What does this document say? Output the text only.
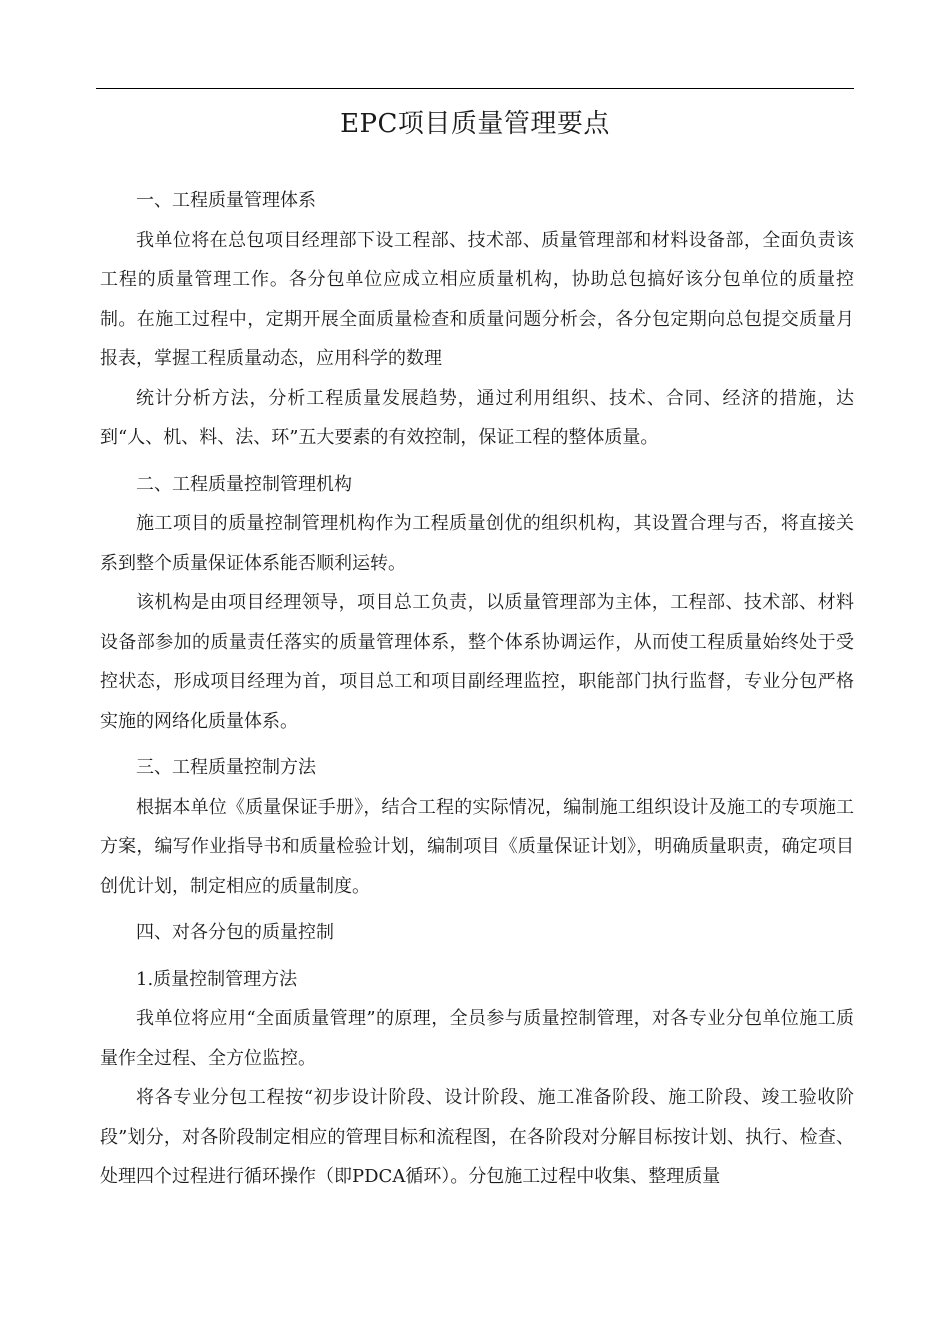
EPC项目质量管理要点

一、工程质量管理体系

我单位将在总包项目经理部下设工程部、技术部、质量管理部和材料设备部，全面负责该工程的质量管理工作。各分包单位应成立相应质量机构，协助总包搞好该分包单位的质量控制。在施工过程中，定期开展全面质量检查和质量问题分析会，各分包定期向总包提交质量月报表，掌握工程质量动态，应用科学的数理

统计分析方法，分析工程质量发展趋势，通过利用组织、技术、合同、经济的措施，达到“人、机、料、法、环”五大要素的有效控制，保证工程的整体质量。

二、工程质量控制管理机构

施工项目的质量控制管理机构作为工程质量创优的组织机构，其设置合理与否，将直接关系到整个质量保证体系能否顺利运转。

该机构是由项目经理领导，项目总工负责，以质量管理部为主体，工程部、技术部、材料设备部参加的质量责任落实的质量管理体系，整个体系协调运作，从而使工程质量始终处于受控状态，形成项目经理为首，项目总工和项目副经理监控，职能部门执行监督，专业分包严格实施的网络化质量体系。

三、工程质量控制方法

根据本单位《质量保证手册》，结合工程的实际情况，编制施工组织设计及施工的专项施工方案，编写作业指导书和质量检验计划，编制项目《质量保证计划》，明确质量职责，确定项目创优计划，制定相应的质量制度。

四、对各分包的质量控制

1.质量控制管理方法

我单位将应用“全面质量管理”的原理，全员参与质量控制管理，对各专业分包单位施工质量作全过程、全方位监控。

将各专业分包工程按“初步设计阶段、设计阶段、施工准备阶段、施工阶段、竣工验收阶段”划分，对各阶段制定相应的管理目标和流程图，在各阶段对分解目标按计划、执行、检查、处理四个过程进行循环操作（即PDCA循环）。分包施工过程中收集、整理质量
